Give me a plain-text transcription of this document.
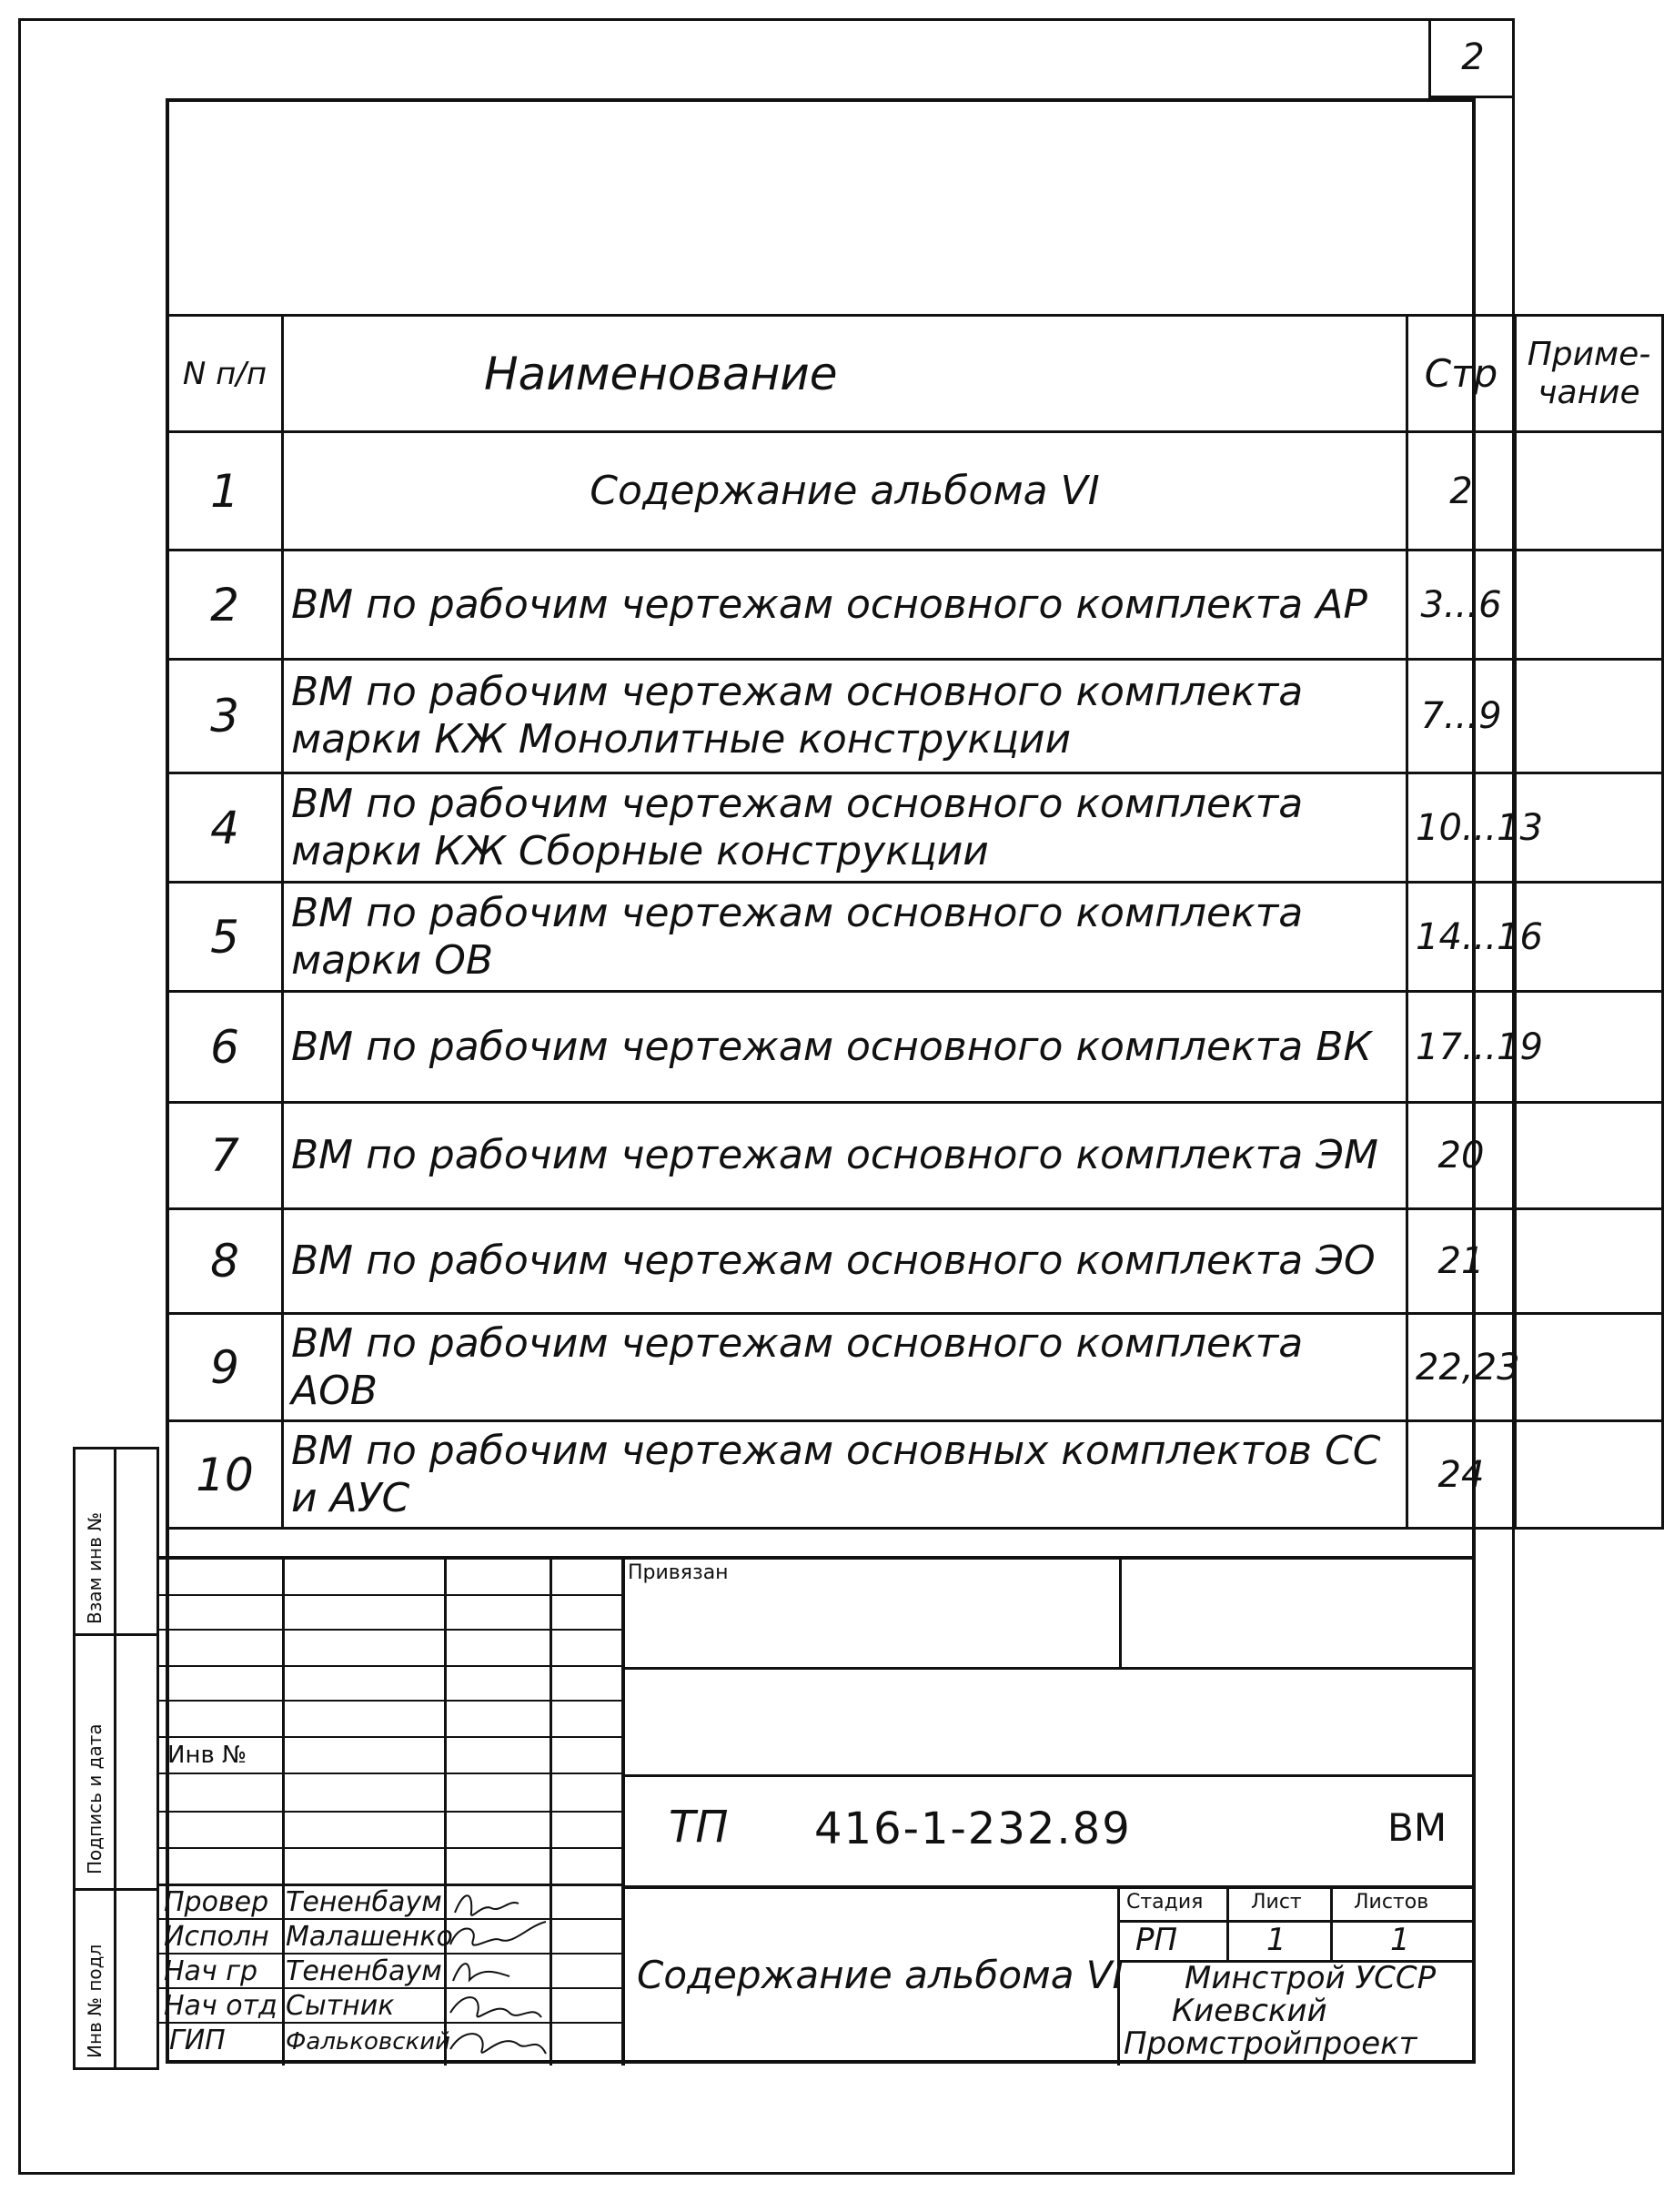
2
N п/п	Наименование	Стр	Приме- чание
1	Содержание альбома VI	2	
2	ВМ по рабочим чертежам основного комплекта АР	3...6	
3	ВМ по рабочим чертежам основного комплекта марки КЖ Монолитные конструкции	7...9	
4	ВМ по рабочим чертежам основного комплекта марки КЖ Сборные конструкции	10...13	
5	ВМ по рабочим чертежам основного комплекта марки ОВ	14...16	
6	ВМ по рабочим чертежам основного комплекта ВК	17...19	
7	ВМ по рабочим чертежам основного комплекта ЭМ	20	
8	ВМ по рабочим чертежам основного комплекта ЭО	21	
9	ВМ по рабочим чертежам основного комплекта АОВ	22,23	
10	ВМ по рабочим чертежам основных комплектов СС и АУС	24	
Взам инв №
Подпись и дата
Инв № подл
Инв №
Привязан
ТП 416-1-232.89	ВМ
Содержание альбома VI
Стадия Лист	Листов
РП	1	1
Минстрой УССР
Киевский
Промстройпроект
Провер Тененбаум
Испoлн Малашенко
Нач гр Тененбаум
Нач отд Сытник
ГИП	Фальковский
